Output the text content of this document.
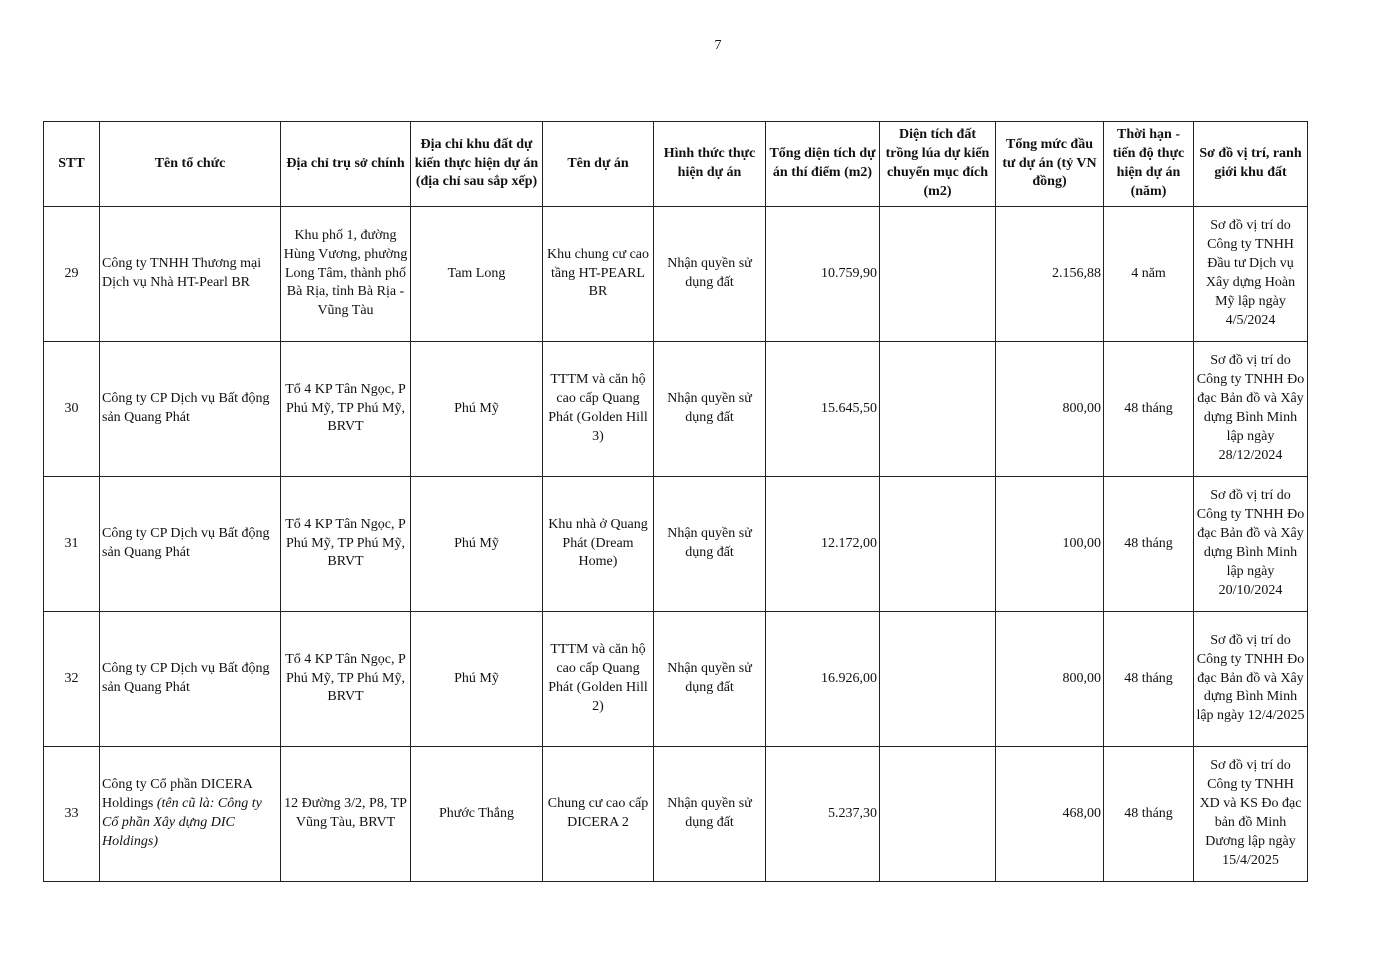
7
STT	Tên tổ chức	Địa chỉ trụ sở chính	Địa chỉ khu đất dự kiến thực hiện dự án (địa chỉ sau sắp xếp)	Tên dự án	Hình thức thực hiện dự án	Tổng diện tích dự án thí điểm (m2)	Diện tích đất trồng lúa dự kiến chuyển mục đích (m2)	Tổng mức đầu tư dự án (tỷ VN đồng)	Thời hạn - tiến độ thực hiện dự án (năm)	Sơ đồ vị trí, ranh giới khu đất
29	Công ty TNHH Thương mại Dịch vụ Nhà HT-Pearl BR	Khu phố 1, đường Hùng Vương, phường Long Tâm, thành phố Bà Rịa, tỉnh Bà Rịa - Vũng Tàu	Tam Long	Khu chung cư cao tầng HT-PEARL BR	Nhận quyền sử dụng đất	10.759,90		2.156,88	4 năm	Sơ đồ vị trí do Công ty TNHH Đầu tư Dịch vụ Xây dựng Hoàn Mỹ lập ngày 4/5/2024
30	Công ty CP Dịch vụ Bất động sản Quang Phát	Tổ 4 KP Tân Ngọc, P Phú Mỹ, TP Phú Mỹ, BRVT	Phú Mỹ	TTTM và căn hộ cao cấp Quang Phát (Golden Hill 3)	Nhận quyền sử dụng đất	15.645,50		800,00	48 tháng	Sơ đồ vị trí do Công ty TNHH Đo đạc Bản đồ và Xây dựng Bình Minh lập ngày 28/12/2024
31	Công ty CP Dịch vụ Bất động sản Quang Phát	Tổ 4 KP Tân Ngọc, P Phú Mỹ, TP Phú Mỹ, BRVT	Phú Mỹ	Khu nhà ở Quang Phát (Dream Home)	Nhận quyền sử dụng đất	12.172,00		100,00	48 tháng	Sơ đồ vị trí do Công ty TNHH Đo đạc Bản đồ và Xây dựng Bình Minh lập ngày 20/10/2024
32	Công ty CP Dịch vụ Bất động sản Quang Phát	Tổ 4 KP Tân Ngọc, P Phú Mỹ, TP Phú Mỹ, BRVT	Phú Mỹ	TTTM và căn hộ cao cấp Quang Phát (Golden Hill 2)	Nhận quyền sử dụng đất	16.926,00		800,00	48 tháng	Sơ đồ vị trí do Công ty TNHH Đo đạc Bản đồ và Xây dựng Bình Minh lập ngày 12/4/2025
33	Công ty Cổ phần DICERA Holdings (tên cũ là: Công ty Cổ phần Xây dựng DIC Holdings)	12 Đường 3/2, P8, TP Vũng Tàu, BRVT	Phước Thắng	Chung cư cao cấp DICERA 2	Nhận quyền sử dụng đất	5.237,30		468,00	48 tháng	Sơ đồ vị trí do Công ty TNHH XD và KS Đo đạc bản đồ Minh Dương lập ngày 15/4/2025
